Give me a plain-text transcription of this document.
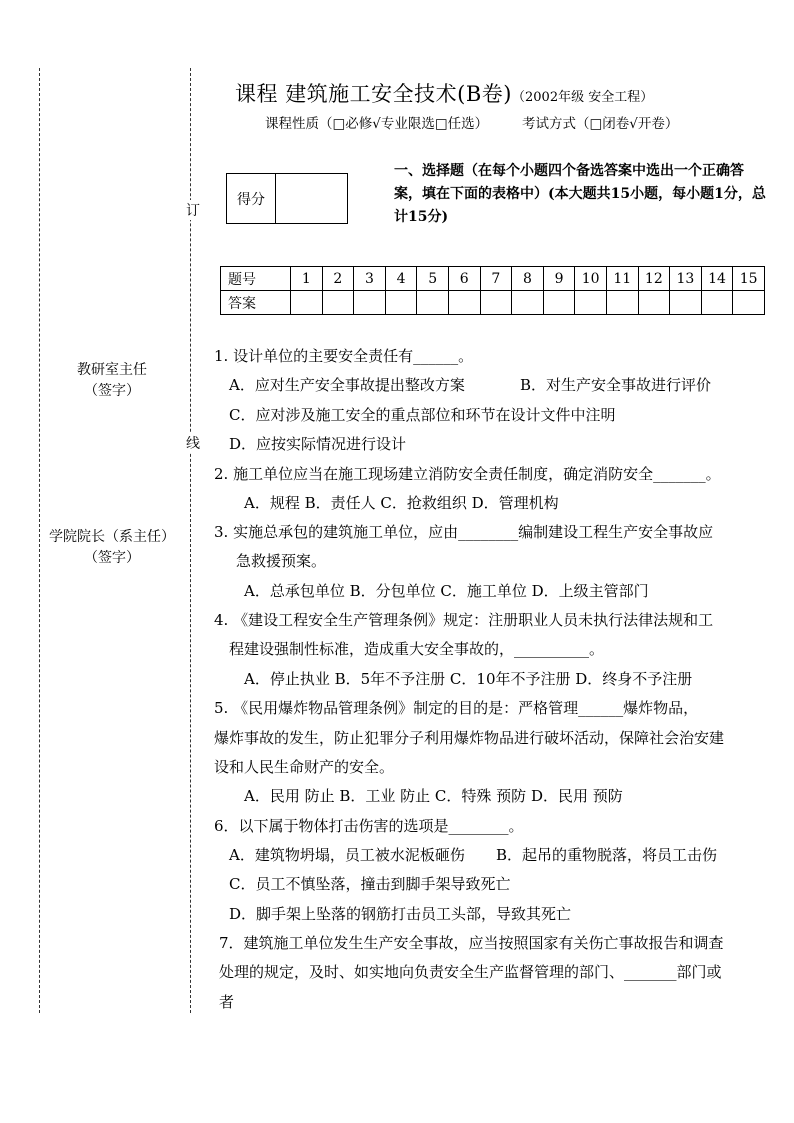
订
线
教研室主任
（签字）
学院院长（系主任）
（签字）
课程 建筑施工安全技术(B卷)（2002年级 安全工程）
课程性质（□必修√专业限选□任选）	考试方式（□闭卷√开卷）
得分
一、选择题（在每个小题四个备选答案中选出一个正确答案，填在下面的表格中）(本大题共15小题，每小题1分，总计15分)
题号	1	2	3	4	5	6	7	8	9	10	11	12	13	14	15
答案															
1. 设计单位的主要安全责任有______。
A．应对生产安全事故提出整改方案	B．对生产安全事故进行评价
C．应对涉及施工安全的重点部位和环节在设计文件中注明
D．应按实际情况进行设计
2. 施工单位应当在施工现场建立消防安全责任制度，确定消防安全_______。
A．规程 B．责任人 C．抢救组织 D．管理机构
3. 实施总承包的建筑施工单位，应由________编制建设工程生产安全事故应
急救援预案。
A．总承包单位 B．分包单位 C．施工单位 D．上级主管部门
4. 《建设工程安全生产管理条例》规定：注册职业人员未执行法律法规和工
程建设强制性标准，造成重大安全事故的，__________。
A．停止执业 B．5年不予注册 C．10年不予注册 D．终身不予注册
5. 《民用爆炸物品管理条例》制定的目的是：严格管理______爆炸物品，
爆炸事故的发生，防止犯罪分子利用爆炸物品进行破坏活动，保障社会治安建
设和人民生命财产的安全。
A．民用 防止 B．工业 防止 C．特殊 预防 D．民用 预防
6．以下属于物体打击伤害的选项是________。
A．建筑物坍塌，员工被水泥板砸伤 B．起吊的重物脱落，将员工击伤
C．员工不慎坠落，撞击到脚手架导致死亡
D．脚手架上坠落的钢筋打击员工头部，导致其死亡
7．建筑施工单位发生生产安全事故，应当按照国家有关伤亡事故报告和调查
处理的规定，及时、如实地向负责安全生产监督管理的部门、_______部门或
者
